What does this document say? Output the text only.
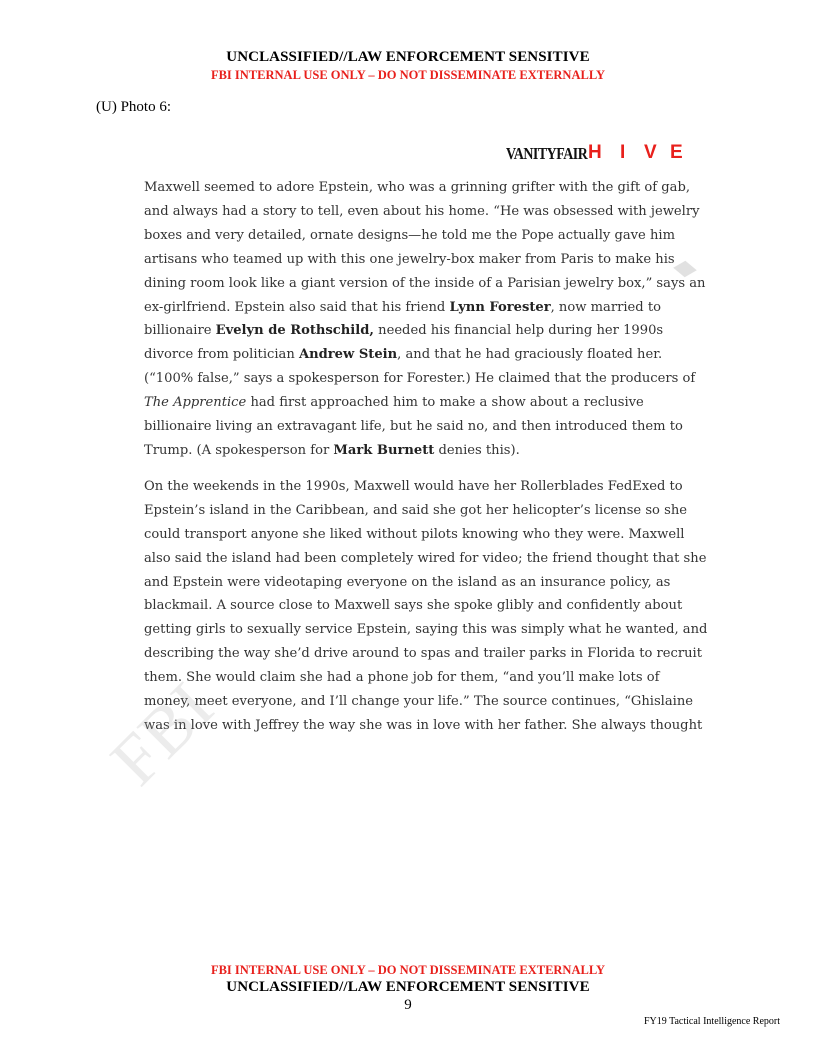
UNCLASSIFIED//LAW ENFORCEMENT SENSITIVE
FBI INTERNAL USE ONLY – DO NOT DISSEMINATE EXTERNALLY
(U) Photo 6:
VANITYFAIR H I V E

Maxwell seemed to adore Epstein, who was a grinning grifter with the gift of gab,
and always had a story to tell, even about his home. “He was obsessed with jewelry
boxes and very detailed, ornate designs—he told me the Pope actually gave him
artisans who teamed up with this one jewelry-box maker from Paris to make his
dining room look like a giant version of the inside of a Parisian jewelry box,” says an
ex-girlfriend. Epstein also said that his friend Lynn Forester, now married to
billionaire Evelyn de Rothschild, needed his financial help during her 1990s
divorce from politician Andrew Stein, and that he had graciously floated her.
(“100% false,” says a spokesperson for Forester.) He claimed that the producers of
The Apprentice had first approached him to make a show about a reclusive
billionaire living an extravagant life, but he said no, and then introduced them to
Trump. (A spokesperson for Mark Burnett denies this).

On the weekends in the 1990s, Maxwell would have her Rollerblades FedExed to
Epstein’s island in the Caribbean, and said she got her helicopter’s license so she
could transport anyone she liked without pilots knowing who they were. Maxwell
also said the island had been completely wired for video; the friend thought that she
and Epstein were videotaping everyone on the island as an insurance policy, as
blackmail. A source close to Maxwell says she spoke glibly and confidently about
getting girls to sexually service Epstein, saying this was simply what he wanted, and
describing the way she’d drive around to spas and trailer parks in Florida to recruit
them. She would claim she had a phone job for them, “and you’ll make lots of
money, meet everyone, and I’ll change your life.” The source continues, “Ghislaine
was in love with Jeffrey the way she was in love with her father. She always thought

FBI
FBI INTERNAL USE ONLY – DO NOT DISSEMINATE EXTERNALLY
UNCLASSIFIED//LAW ENFORCEMENT SENSITIVE
9
FY19 Tactical Intelligence Report
